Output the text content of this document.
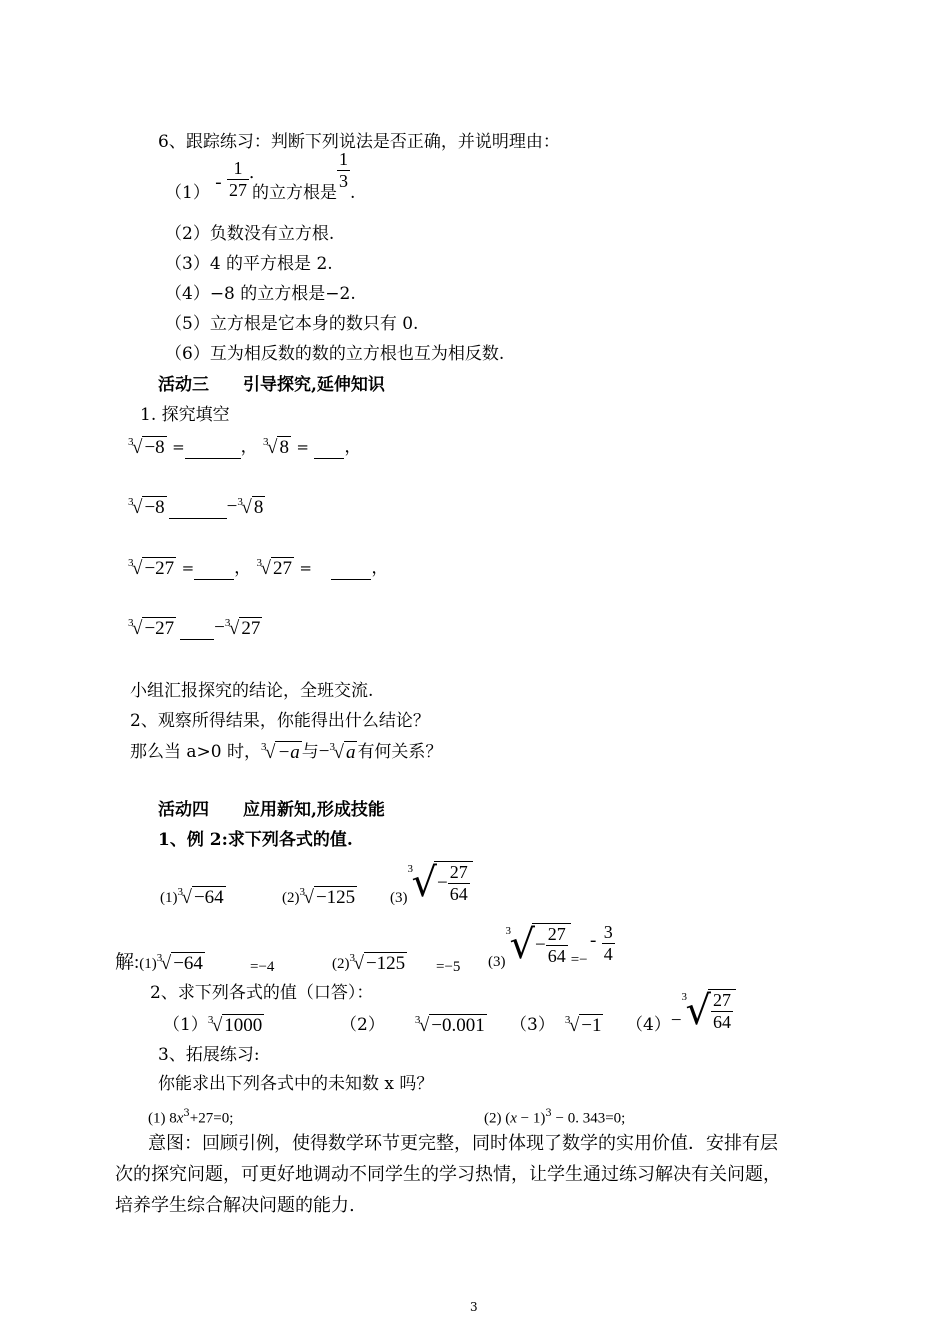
6、跟踪练习：判断下列说法是否正确，并说明理由：
$(1) - \frac{1}{27}$ ．的立方根是
$\frac{1}{3}$
.
（2）负数没有立方根.
（3）4 的平方根是 2.
（4）−8 的立方根是−2.
（5）立方根是它本身的数只有 0.
（6）互为相反数的数的立方根也互为相反数.
活动三　　引导探究,延伸知识
1. 探究填空
3
√ −8 =	， 3
√ 8 = ，
3
√ −8	− 3
√ 8
3
√ −27 = ， 3
√ 27 =	，
3
√ −27 − 3
√ 27
小组汇报探究的结论，全班交流.
2、观察所得结果，你能得出什么结论？
那么当 a>0 时， 3
√ −a 与− 3
√ a 有何关系？
活动四　　应用新知,形成技能
1、例 2:求下列各式的值.
(1) 3
√ −64	(2) 3
√ −125 (3)
3
√− $\frac{27}{64}$
解:(1) 3
√ −64	=−4	(2) 3
√ −125 =−5 (3)
3
√− $\frac{27}{64}$ =−
- $\frac{3}{4}$
2、求下列各式的值（口答）：
（1） 3
√ 1000	（2）	3
√ −0.001 （3） 3
√ −1 （4）−
3
√ $\frac{27}{64}$
3、拓展练习:
你能求出下列各式中的未知数 x 吗？
(1) $8x^3+27=0$;	(2) $(x - 1)^3 - 0$. 343=0;
意图：回顾引例，使得数学环节更完整，同时体现了数学的实用价值．安排有层
次的探究问题，可更好地调动不同学生的学习热情，让学生通过练习解决有关问题，
培养学生综合解决问题的能力.
3
